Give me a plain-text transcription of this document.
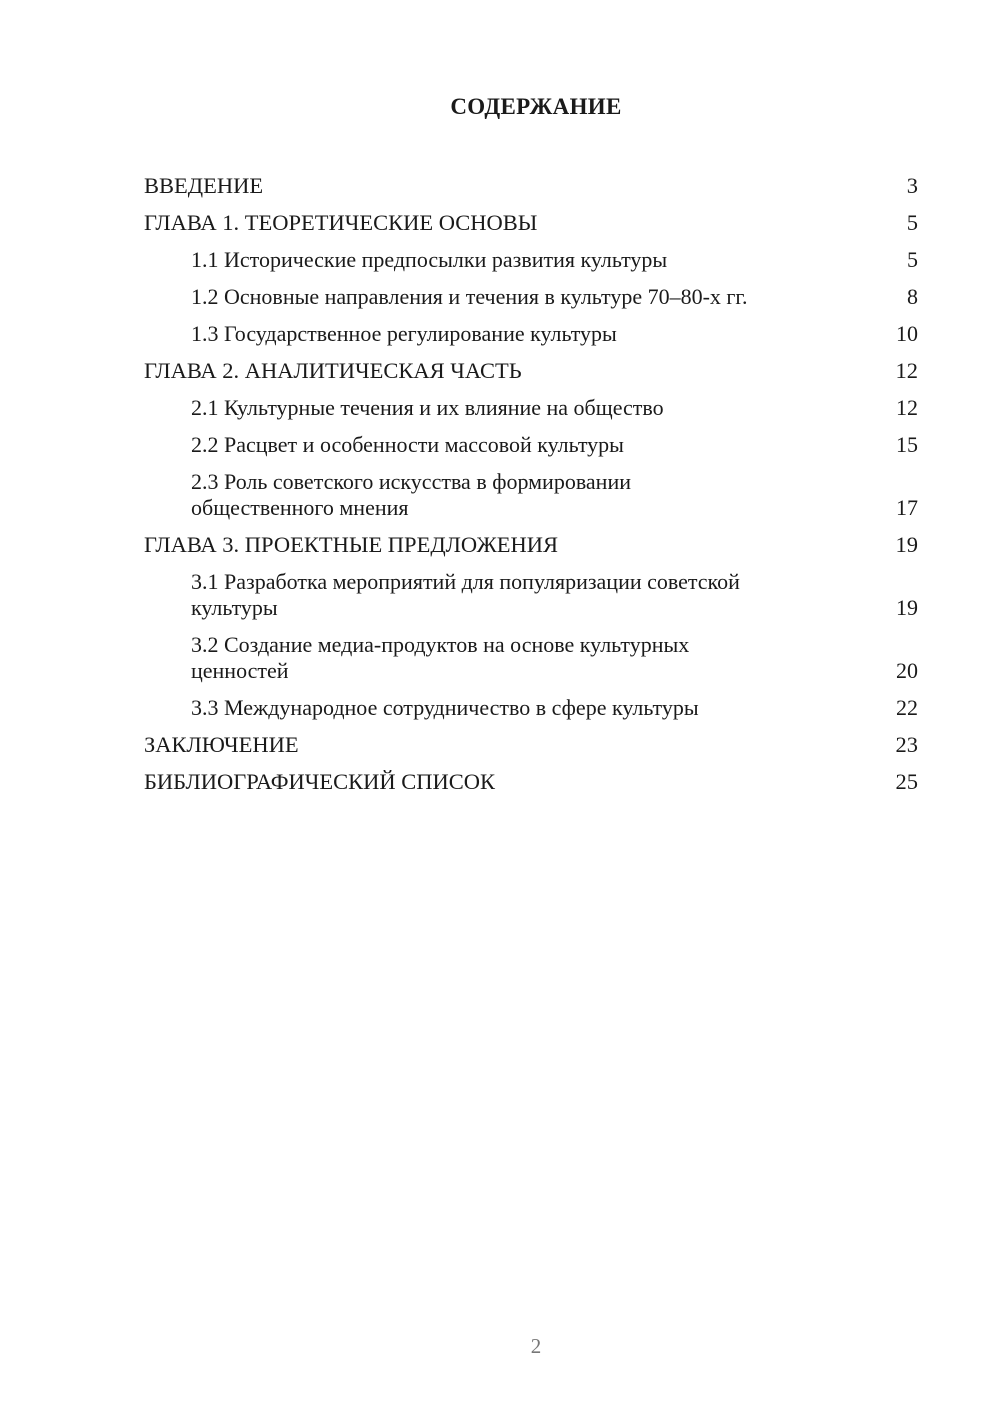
СОДЕРЖАНИЕ
ВВЕДЕНИЕ	3
ГЛАВА 1. ТЕОРЕТИЧЕСКИЕ ОСНОВЫ	5
1.1 Исторические предпосылки развития культуры	5
1.2 Основные направления и течения в культуре 70–80-х гг.	8
1.3 Государственное регулирование культуры	10
ГЛАВА 2. АНАЛИТИЧЕСКАЯ ЧАСТЬ	12
2.1 Культурные течения и их влияние на общество	12
2.2 Расцвет и особенности массовой культуры	15
2.3 Роль советского искусства в формировании
общественного мнения	17
ГЛАВА 3. ПРОЕКТНЫЕ ПРЕДЛОЖЕНИЯ	19
3.1 Разработка мероприятий для популяризации советской
культуры	19
3.2 Создание медиа-продуктов на основе культурных
ценностей	20
3.3 Международное сотрудничество в сфере культуры	22
ЗАКЛЮЧЕНИЕ	23
БИБЛИОГРАФИЧЕСКИЙ СПИСОК	25
2
